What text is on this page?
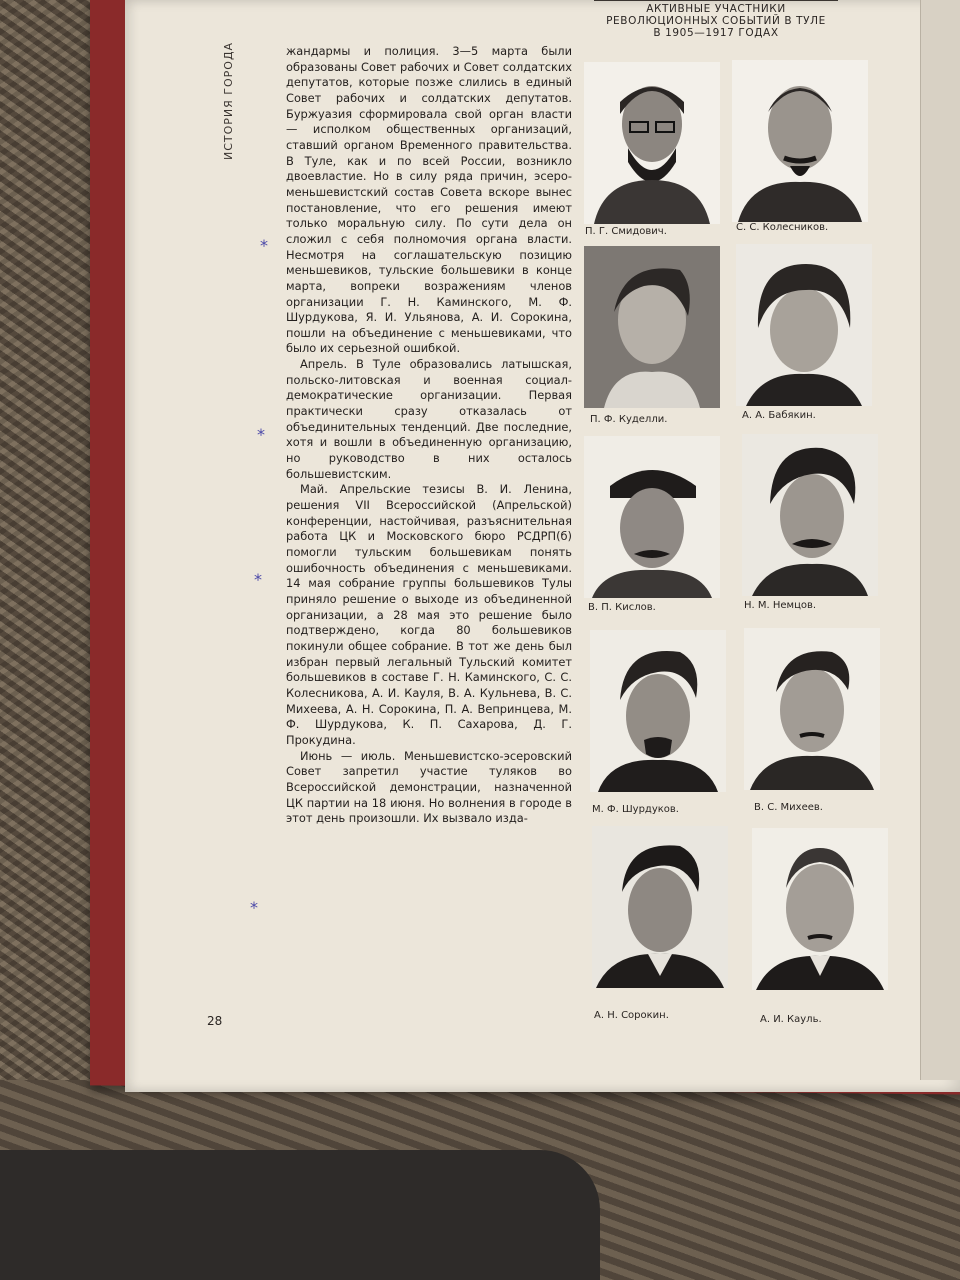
ИСТОРИЯ ГОРОДА
28

жандармы и полиция. 3—5 марта были образованы Совет рабочих и Совет солдатских депутатов, которые позже слились в единый Совет рабочих и солдатских депутатов. Буржуазия сформировала свой орган власти — исполком общественных организаций, ставший органом Временного правительства. В Туле, как и по всей России, возникло двоевластие. Но в силу ряда причин, эсеро-меньшевистский состав Совета вскоре вынес постановление, что его решения имеют только моральную силу. По сути дела он сложил с себя полномочия органа власти. Несмотря на соглашательскую позицию меньшевиков, тульские большевики в конце марта, вопреки возражениям членов организации Г. Н. Каминского, М. Ф. Шурдукова, Я. И. Ульянова, А. И. Сорокина, пошли на объединение с меньшевиками, что было их серьезной ошибкой.

Апрель. В Туле образовались латышская, польско-литовская и военная социал-демократические организации. Первая практически сразу отказалась от объединительных тенденций. Две последние, хотя и вошли в объединенную организацию, но руководство в них осталось большевистским.

Май. Апрельские тезисы В. И. Ленина, решения VII Всероссийской (Апрельской) конференции, настойчивая, разъяснительная работа ЦК и Московского бюро РСДРП(б) помогли тульским большевикам понять ошибочность объединения с меньшевиками. 14 мая собрание группы большевиков Тулы приняло решение о выходе из объединенной организации, а 28 мая это решение было подтверждено, когда 80 большевиков покинули общее собрание. В тот же день был избран первый легальный Тульский комитет большевиков в составе Г. Н. Каминского, С. С. Колесникова, А. И. Кауля, В. А. Кульнева, В. С. Михеева, А. Н. Сорокина, П. А. Вепринцева, М. Ф. Шурдукова, К. П. Сахарова, Д. Г. Прокудина.

Июнь — июль. Меньшевистско-эсеровский Совет запретил участие туляков во Всероссийской демонстрации, назначенной ЦК партии на 18 июня. Но волнения в городе в этот день произошли. Их вызвало изда-

*
*
*
*
АКТИВНЫЕ УЧАСТНИКИ
РЕВОЛЮЦИОННЫХ СОБЫТИЙ В ТУЛЕ
В 1905—1917 ГОДАХ
П. Г. Смидович.	С. С. Колесников.
П. Ф. Куделли.	А. А. Бабякин.
В. П. Кислов.	Н. М. Немцов.
М. Ф. Шурдуков.	В. С. Михеев.
А. Н. Сорокин.	А. И. Кауль.
